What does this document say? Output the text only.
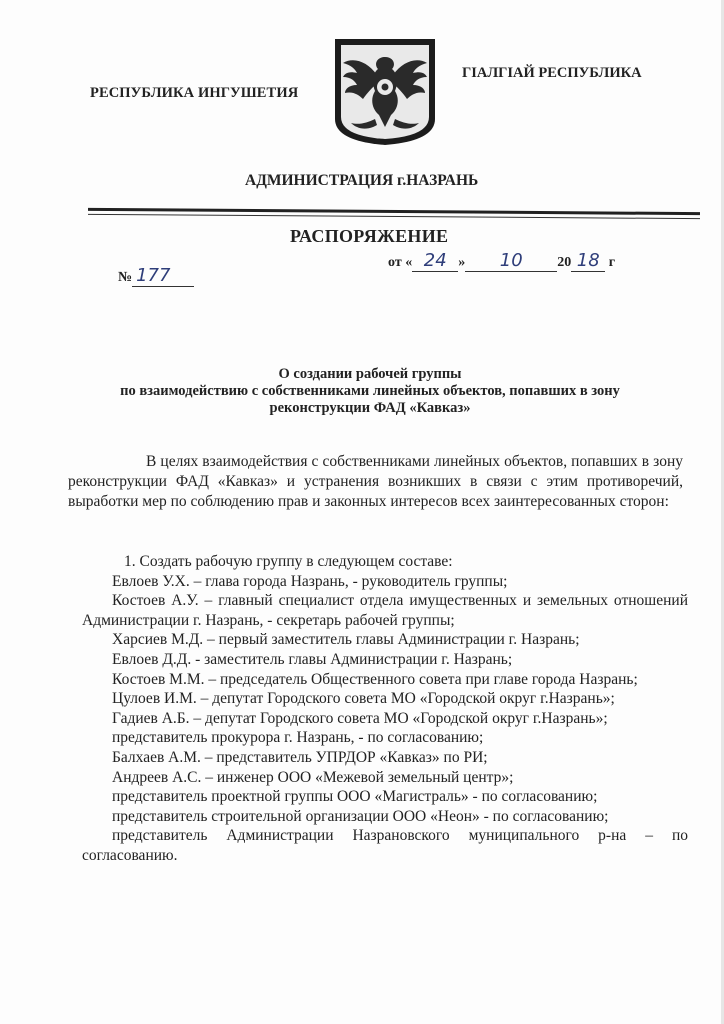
РЕСПУБЛИКА ИНГУШЕТИЯ
ГIАЛГIАЙ РЕСПУБЛИКА
АДМИНИСТРАЦИЯ г.НАЗРАНЬ
РАСПОРЯЖЕНИЕ
№ 177
от « 24 » 10 20 18 г
О создании рабочей группы
по взаимодействию с собственниками линейных объектов, попавших в зону
реконструкции ФАД «Кавказ»

В целях взаимодействия с собственниками линейных объектов, попавших в зону реконструкции ФАД «Кавказ» и устранения возникших в связи с этим противоречий, выработки мер по соблюдению прав и законных интересов всех заинтересованных сторон:

1. Создать рабочую группу в следующем составе:

Евлоев У.Х. – глава города Назрань, - руководитель группы;

Костоев А.У. – главный специалист отдела имущественных и земельных отношений Администрации г. Назрань, - секретарь рабочей группы;

Харсиев М.Д. – первый заместитель главы Администрации г. Назрань;

Евлоев Д.Д. - заместитель главы Администрации г. Назрань;

Костоев М.М. – председатель Общественного совета при главе города Назрань;

Цулоев И.М. – депутат Городского совета МО «Городской округ г.Назрань»;

Гадиев А.Б. – депутат Городского совета МО «Городской округ г.Назрань»;

представитель прокурора г. Назрань, - по согласованию;

Балхаев А.М. – представитель УПРДОР «Кавказ» по РИ;

Андреев А.С. – инженер ООО «Межевой земельный центр»;

представитель проектной группы ООО «Магистраль» - по согласованию;

представитель строительной организации ООО «Неон» - по согласованию;

представитель Администрации Назрановского муниципального р-на – по согласованию.
